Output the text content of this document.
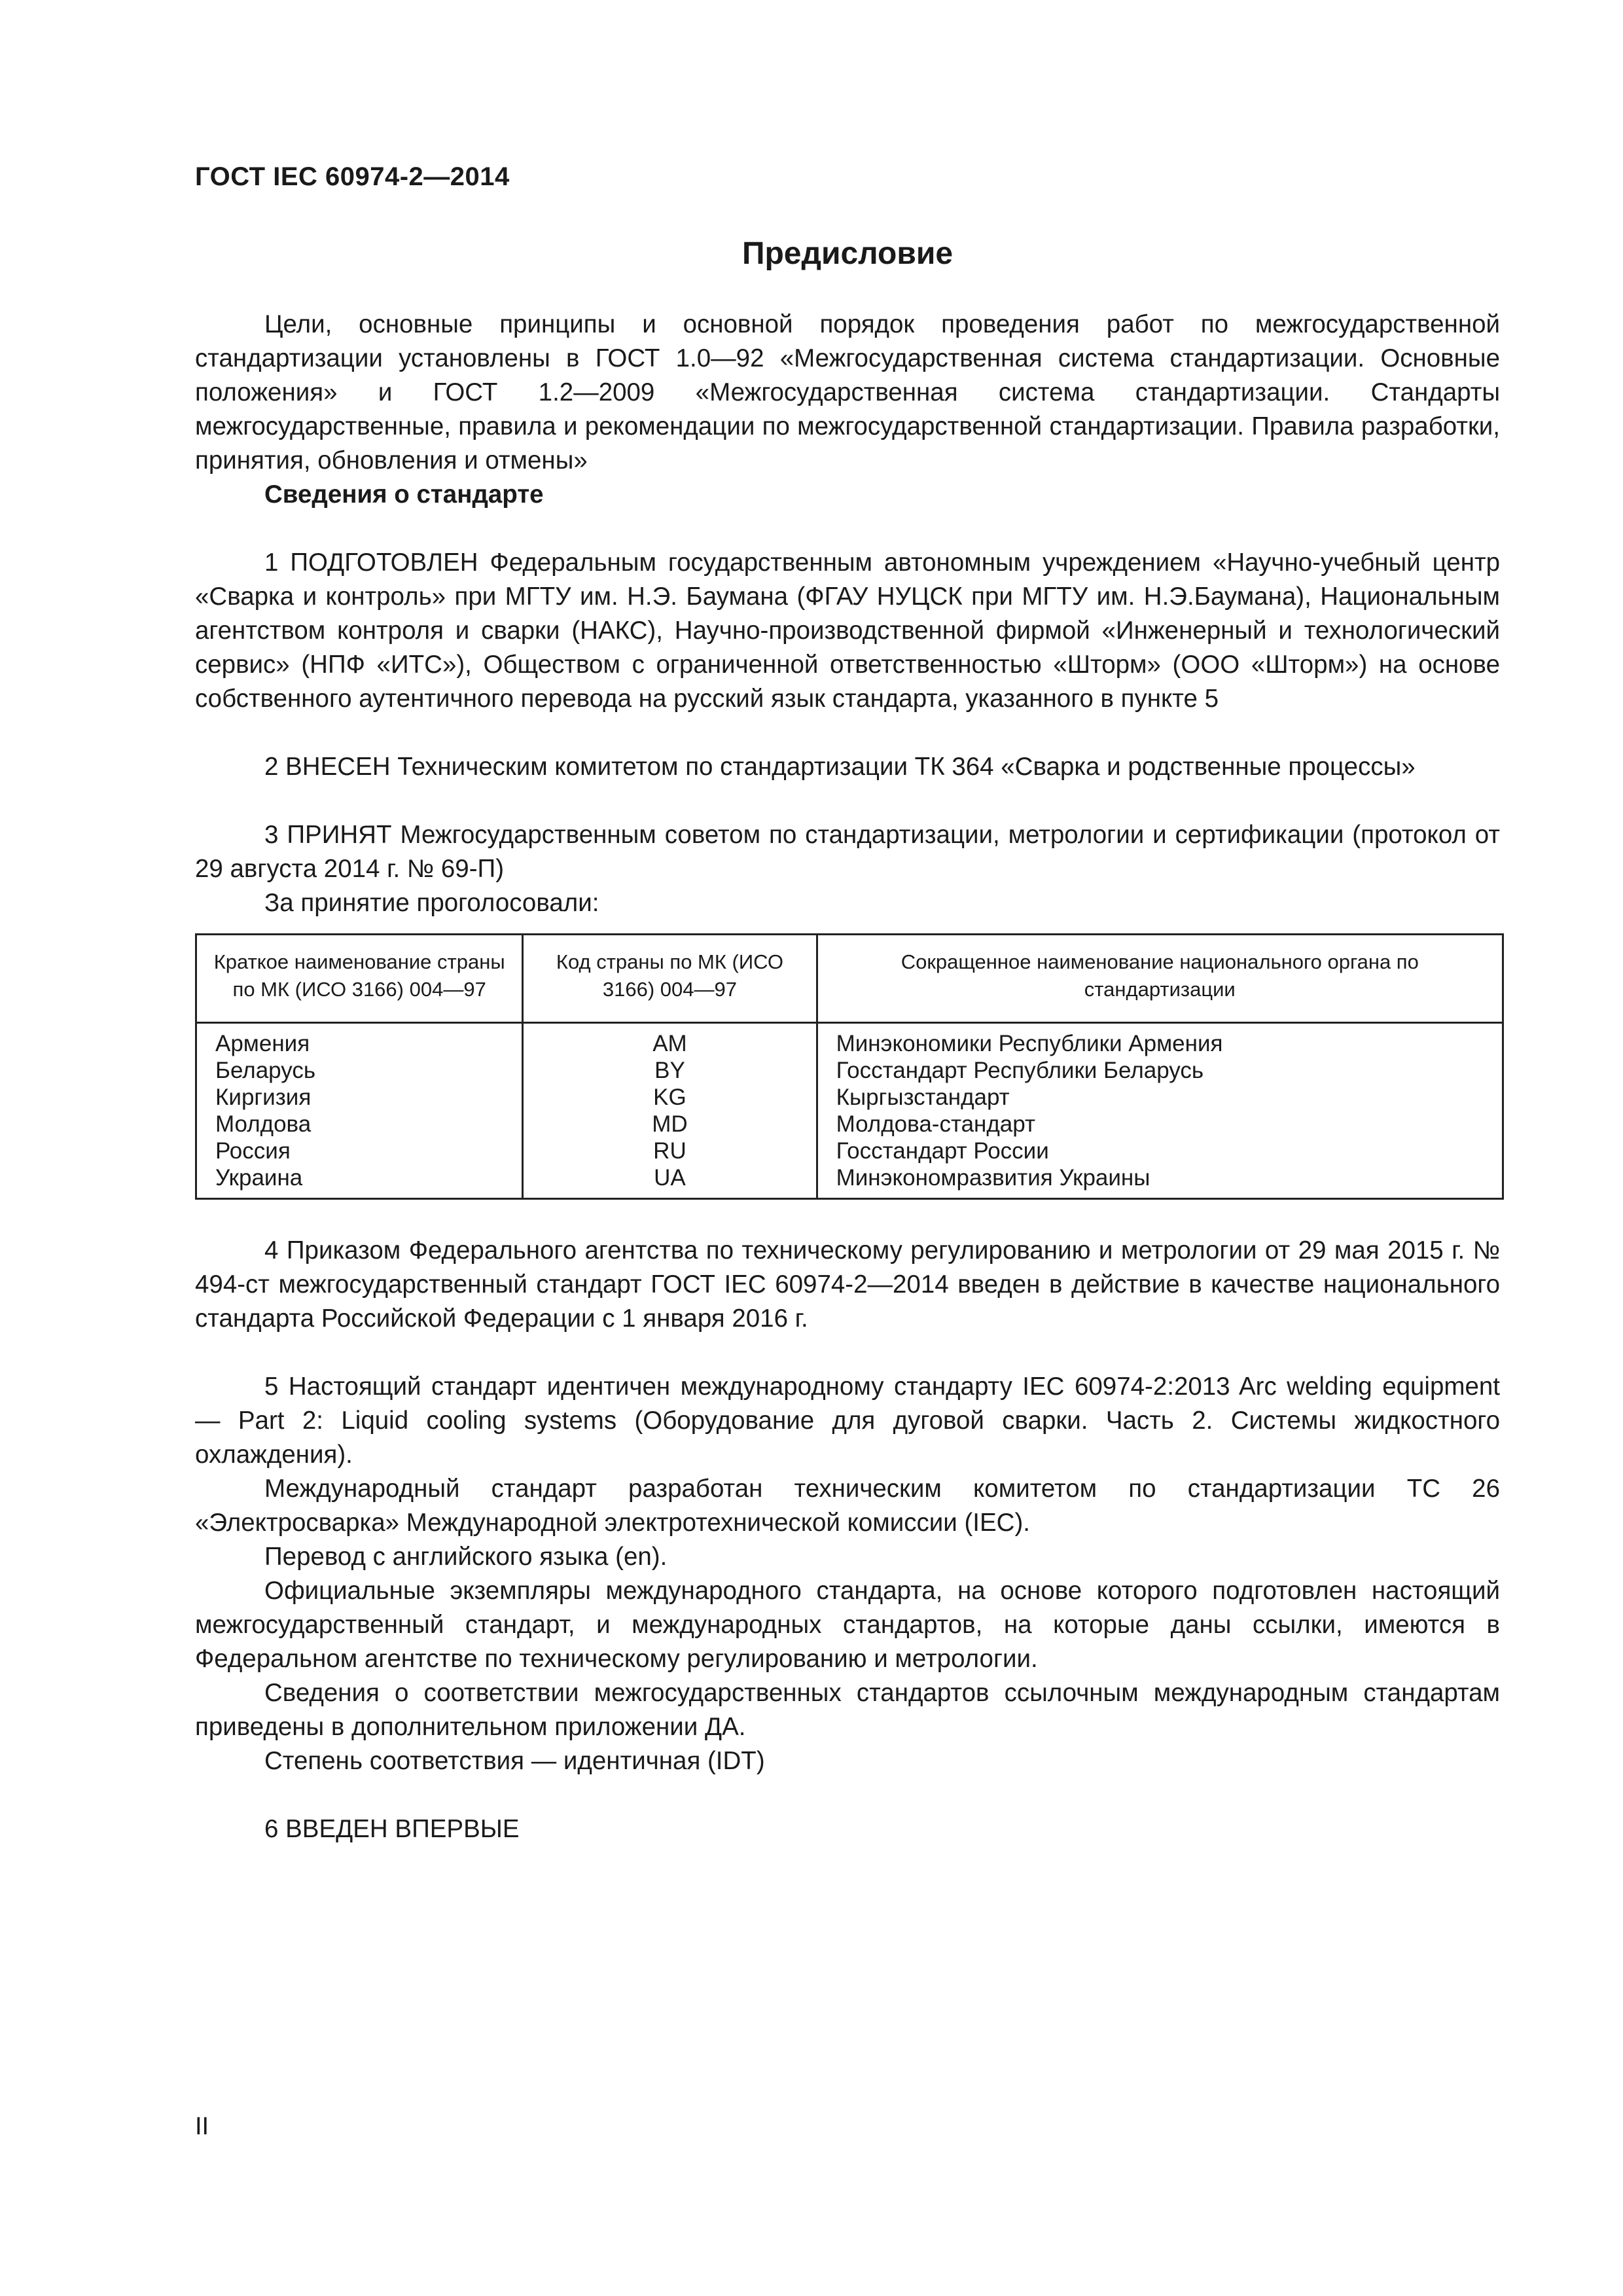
ГОСТ IEC 60974-2—2014
Предисловие

Цели, основные принципы и основной порядок проведения работ по межгосударственной стандартизации установлены в ГОСТ 1.0—92 «Межгосударственная система стандартизации. Основные положения» и ГОСТ 1.2—2009 «Межгосударственная система стандартизации. Стандарты межгосударственные, правила и рекомендации по межгосударственной стандартизации. Правила разработки, принятия, обновления и отмены»

Сведения о стандарте

1 ПОДГОТОВЛЕН Федеральным государственным автономным учреждением «Научно-учебный центр «Сварка и контроль» при МГТУ им. Н.Э. Баумана (ФГАУ НУЦСК при МГТУ им. Н.Э.Баумана), Национальным агентством контроля и сварки (НАКС), Научно-производственной фирмой «Инженерный и технологический сервис» (НПФ «ИТС»), Обществом с ограниченной ответственностью «Шторм» (ООО «Шторм») на основе собственного аутентичного перевода на русский язык стандарта, указанного в пункте 5

2 ВНЕСЕН Техническим комитетом по стандартизации ТК 364 «Сварка и родственные процессы»

3 ПРИНЯТ Межгосударственным советом по стандартизации, метрологии и сертификации (протокол от 29 августа 2014 г. № 69-П)

За принятие проголосовали:

Краткое наименование страны по МК (ИСО 3166) 004—97	Код страны по МК (ИСО 3166) 004—97	Сокращенное наименование национального органа по стандартизации
Армения	AM	Минэкономики Республики Армения
Беларусь	BY	Госстандарт Республики Беларусь
Киргизия	KG	Кыргызстандарт
Молдова	MD	Молдова-стандарт
Россия	RU	Госстандарт России
Украина	UA	Минэкономразвития Украины

4 Приказом Федерального агентства по техническому регулированию и метрологии от 29 мая 2015 г. № 494-ст межгосударственный стандарт ГОСТ IEC 60974-2—2014 введен в действие в качестве национального стандарта Российской Федерации с 1 января 2016 г.

5 Настоящий стандарт идентичен международному стандарту IEC 60974-2:2013 Arc welding equipment — Part 2: Liquid cooling systems (Оборудование для дуговой сварки. Часть 2. Системы жидкостного охлаждения).

Международный стандарт разработан техническим комитетом по стандартизации ТС 26 «Электросварка» Международной электротехнической комиссии (IEC).

Перевод с английского языка (en).

Официальные экземпляры международного стандарта, на основе которого подготовлен настоящий межгосударственный стандарт, и международных стандартов, на которые даны ссылки, имеются в Федеральном агентстве по техническому регулированию и метрологии.

Сведения о соответствии межгосударственных стандартов ссылочным международным стандартам приведены в дополнительном приложении ДА.

Степень соответствия — идентичная (IDT)

6 ВВЕДЕН ВПЕРВЫЕ

II
